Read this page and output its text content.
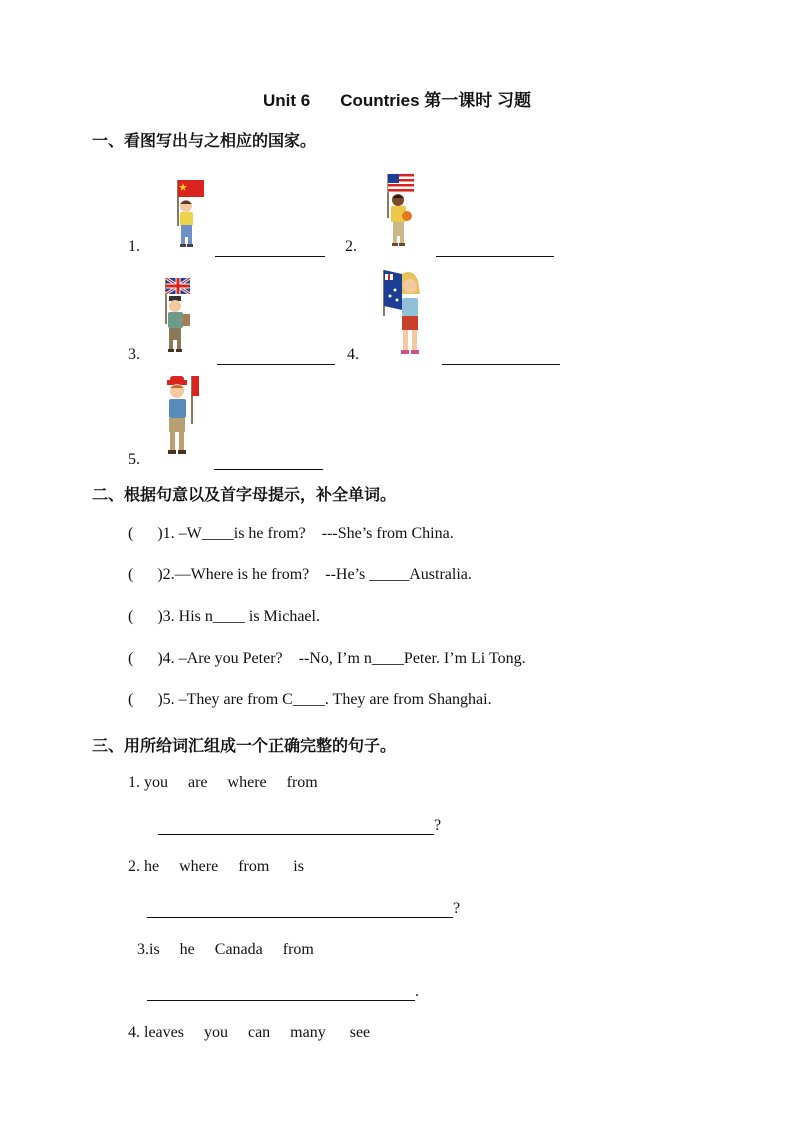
Unit 6 Countries 第一课时 习题
一、看图写出与之相应的国家。
1.	2.
3.	4.
5.
二、根据句意以及首字母提示，补全单词。
(      )1. –W____is he from?    ---She’s from China.
(      )2.—Where is he from?    --He’s _____Australia.
(      )3. His n____ is Michael.
(      )4. –Are you Peter?    --No, I’m n____Peter. I’m Li Tong.
(      )5. –They are from C____. They are from Shanghai.
三、用所给词汇组成一个正确完整的句子。
1. you     are     where     from
?
2. he     where     from      is
?
3.is     he     Canada     from
.
4. leaves     you     can     many      see
